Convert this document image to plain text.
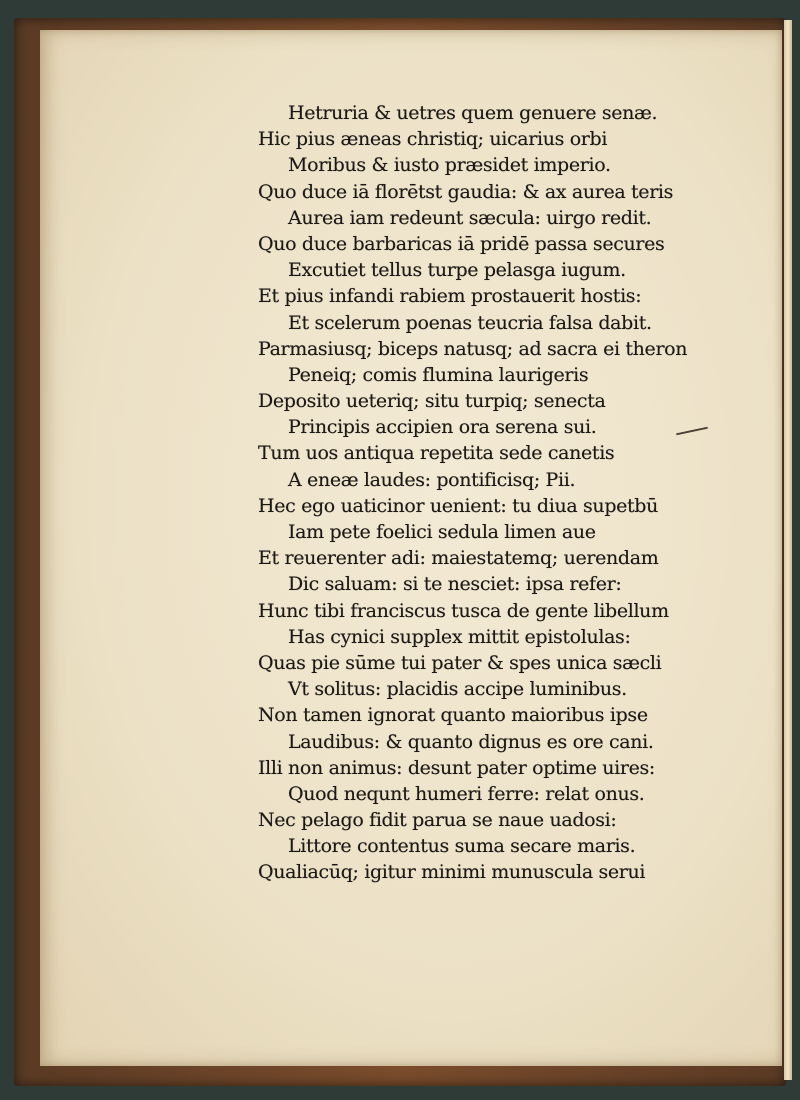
Hetruria & uetres quem genuere senæ.
Hic pius æneas christiq; uicarius orbi
Moribus & iusto præsidet imperio.
Quo duce iā florētst gaudia: & ax aurea teris
Aurea iam redeunt sæcula: uirgo redit.
Quo duce barbaricas iā pridē passa secures
Excutiet tellus turpe pelasga iugum.
Et pius infandi rabiem prostauerit hostis:
Et scelerum poenas teucria falsa dabit.
Parmasiusq; biceps natusq; ad sacra ei theron
Peneiq; comis flumina laurigeris
Deposito ueteriq; situ turpiq; senecta
Principis accipien ora serena sui.
Tum uos antiqua repetita sede canetis
A eneæ laudes: pontificisq; Pii.
Hec ego uaticinor uenient: tu diua supetbū
Iam pete foelici sedula limen aue
Et reuerenter adi: maiestatemq; uerendam
Dic saluam: si te nesciet: ipsa refer:
Hunc tibi franciscus tusca de gente libellum
Has cynici supplex mittit epistolulas:
Quas pie sūme tui pater & spes unica sæcli
Vt solitus: placidis accipe luminibus.
Non tamen ignorat quanto maioribus ipse
Laudibus: & quanto dignus es ore cani.
Illi non animus: desunt pater optime uires:
Quod nequnt humeri ferre: relat onus.
Nec pelago fidit parua se naue uadosi:
Littore contentus suma secare maris.
Qualiacūq; igitur minimi munuscula serui
